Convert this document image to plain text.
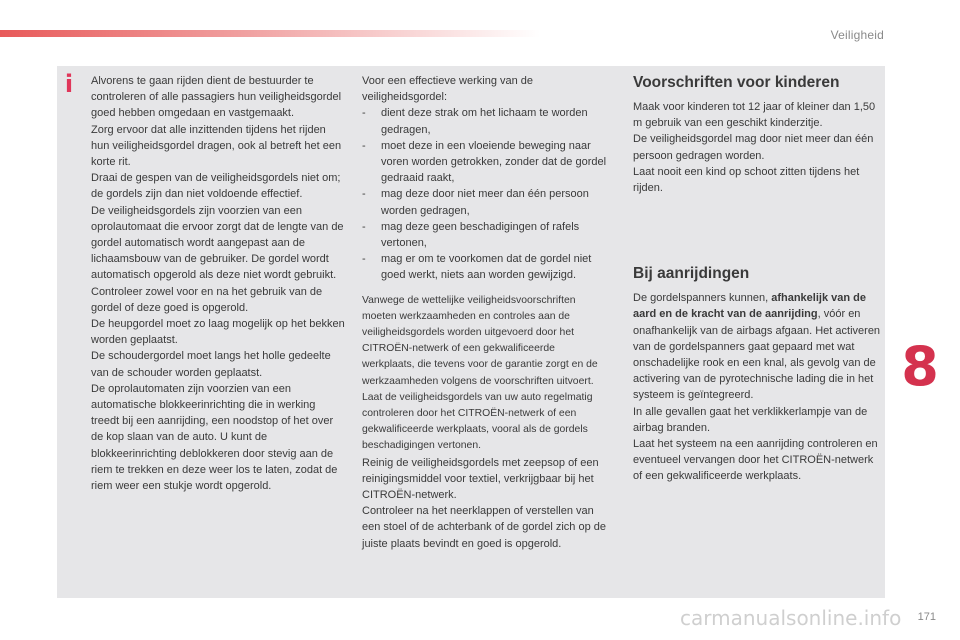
Veiligheid
i Alvorens te gaan rijden dient de bestuurder te controleren of alle passagiers hun veiligheidsgordel goed hebben omgedaan en vastgemaakt.

Zorg ervoor dat alle inzittenden tijdens het rijden hun veiligheidsgordel dragen, ook al betreft het een korte rit.

Draai de gespen van de veiligheidsgordels niet om; de gordels zijn dan niet voldoende effectief.

De veiligheidsgordels zijn voorzien van een oprolautomaat die ervoor zorgt dat de lengte van de gordel automatisch wordt aangepast aan de lichaamsbouw van de gebruiker. De gordel wordt automatisch opgerold als deze niet wordt gebruikt.

Controleer zowel voor en na het gebruik van de gordel of deze goed is opgerold.

De heupgordel moet zo laag mogelijk op het bekken worden geplaatst.

De schoudergordel moet langs het holle gedeelte van de schouder worden geplaatst.

De oprolautomaten zijn voorzien van een automatische blokkeerinrichting die in werking treedt bij een aanrijding, een noodstop of het over de kop slaan van de auto. U kunt de blokkeerinrichting deblokkeren door stevig aan de riem te trekken en deze weer los te laten, zodat de riem weer een stukje wordt opgerold.

Voor een effectieve werking van de veiligheidsgordel:

-	dient deze strak om het lichaam te worden gedragen,
-	moet deze in een vloeiende beweging naar voren worden getrokken, zonder dat de gordel gedraaid raakt,
-	mag deze door niet meer dan één persoon worden gedragen,
-	mag deze geen beschadigingen of rafels vertonen,
-	mag er om te voorkomen dat de gordel niet goed werkt, niets aan worden gewijzigd.

Vanwege de wettelijke veiligheidsvoorschriften moeten werkzaamheden en controles aan de veiligheidsgordels worden uitgevoerd door het CITROËN-netwerk of een gekwalificeerde werkplaats, die tevens voor de garantie zorgt en de werkzaamheden volgens de voorschriften uitvoert.

Laat de veiligheidsgordels van uw auto regelmatig controleren door het CITROËN-netwerk of een gekwalificeerde werkplaats, vooral als de gordels beschadigingen vertonen.

Reinig de veiligheidsgordels met zeepsop of een reinigingsmiddel voor textiel, verkrijgbaar bij het CITROËN-netwerk.

Controleer na het neerklappen of verstellen van een stoel of de achterbank of de gordel zich op de juiste plaats bevindt en goed is opgerold.

Voorschriften voor kinderen

Maak voor kinderen tot 12 jaar of kleiner dan 1,50 m gebruik van een geschikt kinderzitje.

De veiligheidsgordel mag door niet meer dan één persoon gedragen worden.

Laat nooit een kind op schoot zitten tijdens het rijden.

Bij aanrijdingen

De gordelspanners kunnen, afhankelijk van de aard en de kracht van de aanrijding, vóór en onafhankelijk van de airbags afgaan. Het activeren van de gordelspanners gaat gepaard met wat onschadelijke rook en een knal, als gevolg van de activering van de pyrotechnische lading die in het systeem is geïntegreerd.

In alle gevallen gaat het verklikkerlampje van de airbag branden.

Laat het systeem na een aanrijding controleren en eventueel vervangen door het CITROËN-netwerk of een gekwalificeerde werkplaats.

8
carmanualsonline.info 171
